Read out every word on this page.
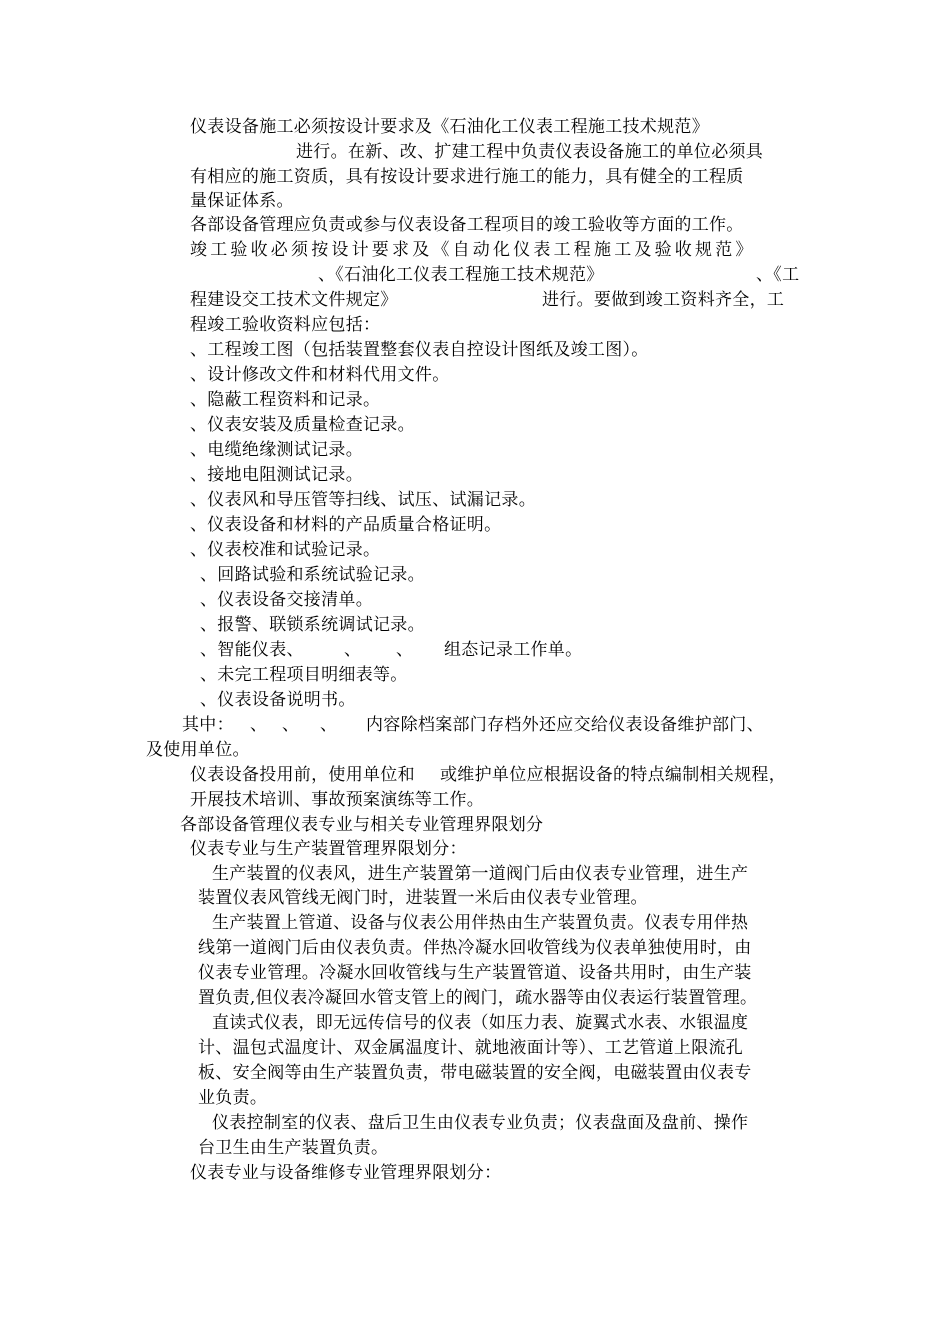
仪表设备施工必须按设计要求及《石油化工仪表工程施工技术规范》
进行。在新、改、扩建工程中负责仪表设备施工的单位必须具
有相应的施工资质，具有按设计要求进行施工的能力，具有健全的工程质
量保证体系。
各部设备管理应负责或参与仪表设备工程项目的竣工验收等方面的工作。
竣工验收必须按设计要求及《自动化仪表工程施工及验收规范》
、《石油化工仪表工程施工技术规范》	、《工
程建设交工技术文件规定》	进行。要做到竣工资料齐全，工
程竣工验收资料应包括：
、工程竣工图（包括装置整套仪表自控设计图纸及竣工图）。
、设计修改文件和材料代用文件。
、隐蔽工程资料和记录。
、仪表安装及质量检查记录。
、电缆绝缘测试记录。
、接地电阻测试记录。
、仪表风和导压管等扫线、试压、试漏记录。
、仪表设备和材料的产品质量合格证明。
、仪表校准和试验记录。
、回路试验和系统试验记录。
、仪表设备交接清单。
、报警、联锁系统调试记录。
、智能仪表、 、 、 组态记录工作单。
、未完工程项目明细表等。
、仪表设备说明书。
其中： 、 、 、 内容除档案部门存档外还应交给仪表设备维护部门、
及使用单位。
仪表设备投用前，使用单位和 或维护单位应根据设备的特点编制相关规程，
开展技术培训、事故预案演练等工作。
各部设备管理仪表专业与相关专业管理界限划分
仪表专业与生产装置管理界限划分：
生产装置的仪表风，进生产装置第一道阀门后由仪表专业管理，进生产
装置仪表风管线无阀门时，进装置一米后由仪表专业管理。
生产装置上管道、设备与仪表公用伴热由生产装置负责。仪表专用伴热
线第一道阀门后由仪表负责。伴热冷凝水回收管线为仪表单独使用时，由
仪表专业管理。冷凝水回收管线与生产装置管道、设备共用时，由生产装
置负责,但仪表冷凝回水管支管上的阀门，疏水器等由仪表运行装置管理。
直读式仪表，即无远传信号的仪表（如压力表、旋翼式水表、水银温度
计、温包式温度计、双金属温度计、就地液面计等）、工艺管道上限流孔
板、安全阀等由生产装置负责，带电磁装置的安全阀，电磁装置由仪表专
业负责。
仪表控制室的仪表、盘后卫生由仪表专业负责；仪表盘面及盘前、操作
台卫生由生产装置负责。
仪表专业与设备维修专业管理界限划分：
